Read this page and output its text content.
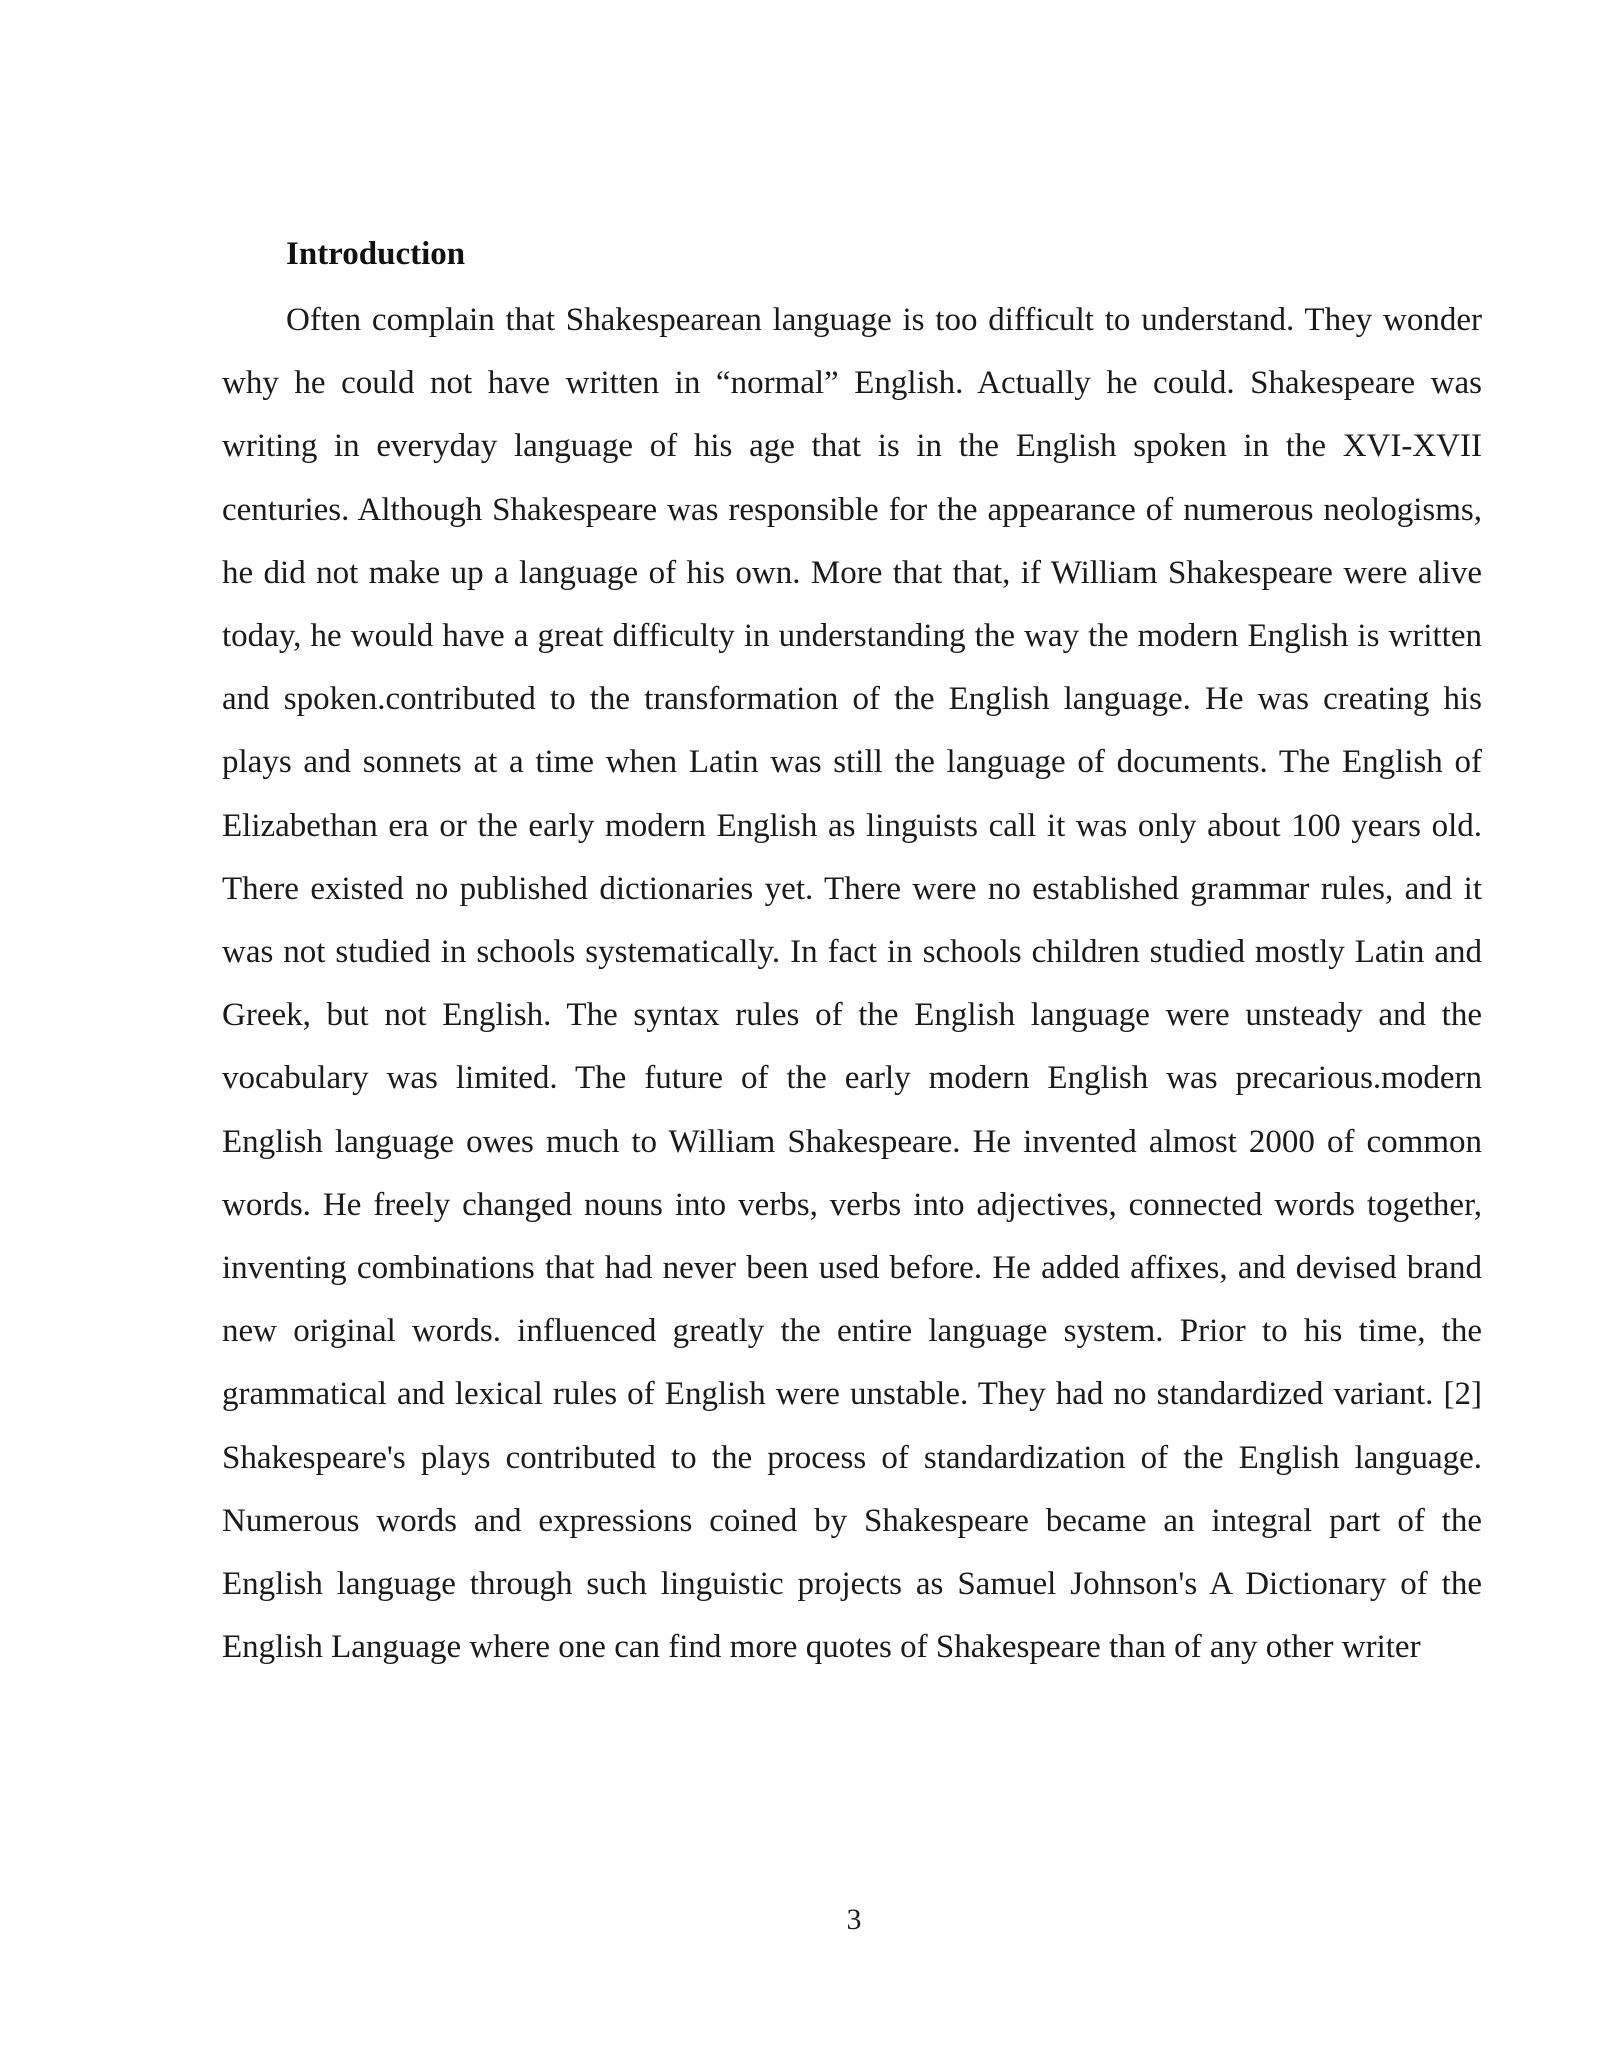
Introduction

Often complain that Shakespearean language is too difficult to understand. They wonder why he could not have written in “normal” English. Actually he could. Shakespeare was writing in everyday language of his age that is in the English spoken in the XVI-XVII centuries. Although Shakespeare was responsible for the appearance of numerous neologisms, he did not make up a language of his own. More that that, if William Shakespeare were alive today, he would have a great difficulty in understanding the way the modern English is written and spoken.contributed to the transformation of the English language. He was creating his plays and sonnets at a time when Latin was still the language of documents. The English of Elizabethan era or the early modern English as linguists call it was only about 100 years old. There existed no published dictionaries yet. There were no established grammar rules, and it was not studied in schools systematically. In fact in schools children studied mostly Latin and Greek, but not English. The syntax rules of the English language were unsteady and the vocabulary was limited. The future of the early modern English was precarious.modern English language owes much to William Shakespeare. He invented almost 2000 of common words. He freely changed nouns into verbs, verbs into adjectives, connected words together, inventing combinations that had never been used before. He added affixes, and devised brand new original words. influenced greatly the entire language system. Prior to his time, the grammatical and lexical rules of English were unstable. They had no standardized variant. [2] Shakespeare's plays contributed to the process of standardization of the English language. Numerous words and expressions coined by Shakespeare became an integral part of the English language through such linguistic projects as Samuel Johnson's A Dictionary of the English Language where one can find more quotes of Shakespeare than of any other writer

3
